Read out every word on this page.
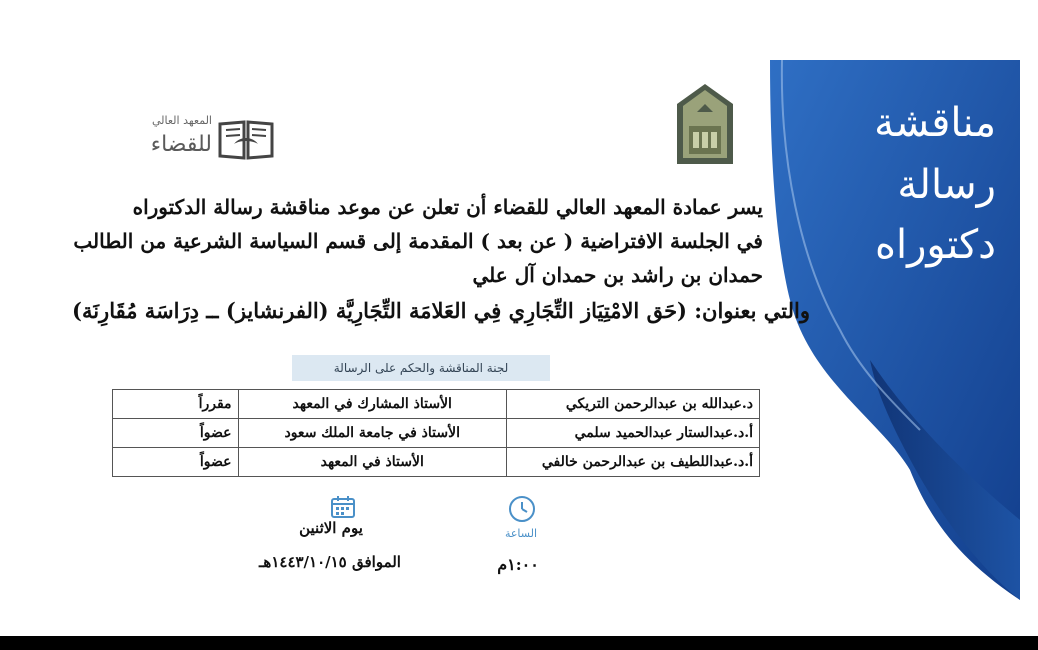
مناقشة
رسالة
دكتوراه
المعهد العالي
للقضاء
يسر عمادة المعهد العالي للقضاء أن تعلن عن موعد مناقشة رسالة الدكتوراه
في الجلسة الافتراضية ( عن بعد ) المقدمة إلى قسم السياسة الشرعية من الطالب
حمدان بن راشد بن حمدان آل علي
والتي بعنوان: (حَق الامْتِيَاز التِّجَارِي فِي العَلامَة التِّجَارِيَّة (الفرنشايز) ــ دِرَاسَة مُقَارِنَة)
لجنة المناقشة والحكم على الرسالة
د.عبدالله بن عبدالرحمن التريكي	الأستاذ المشارك في المعهد	مقرراً
أ.د.عبدالستار عبدالحميد سلمي	الأستاذ في جامعة الملك سعود	عضواً
أ.د.عبداللطيف بن عبدالرحمن خالفي	الأستاذ في المعهد	عضواً
يوم الاثنين
الموافق ١٤٤٣/١٠/١٥هـ
الساعة
١:٠٠م
